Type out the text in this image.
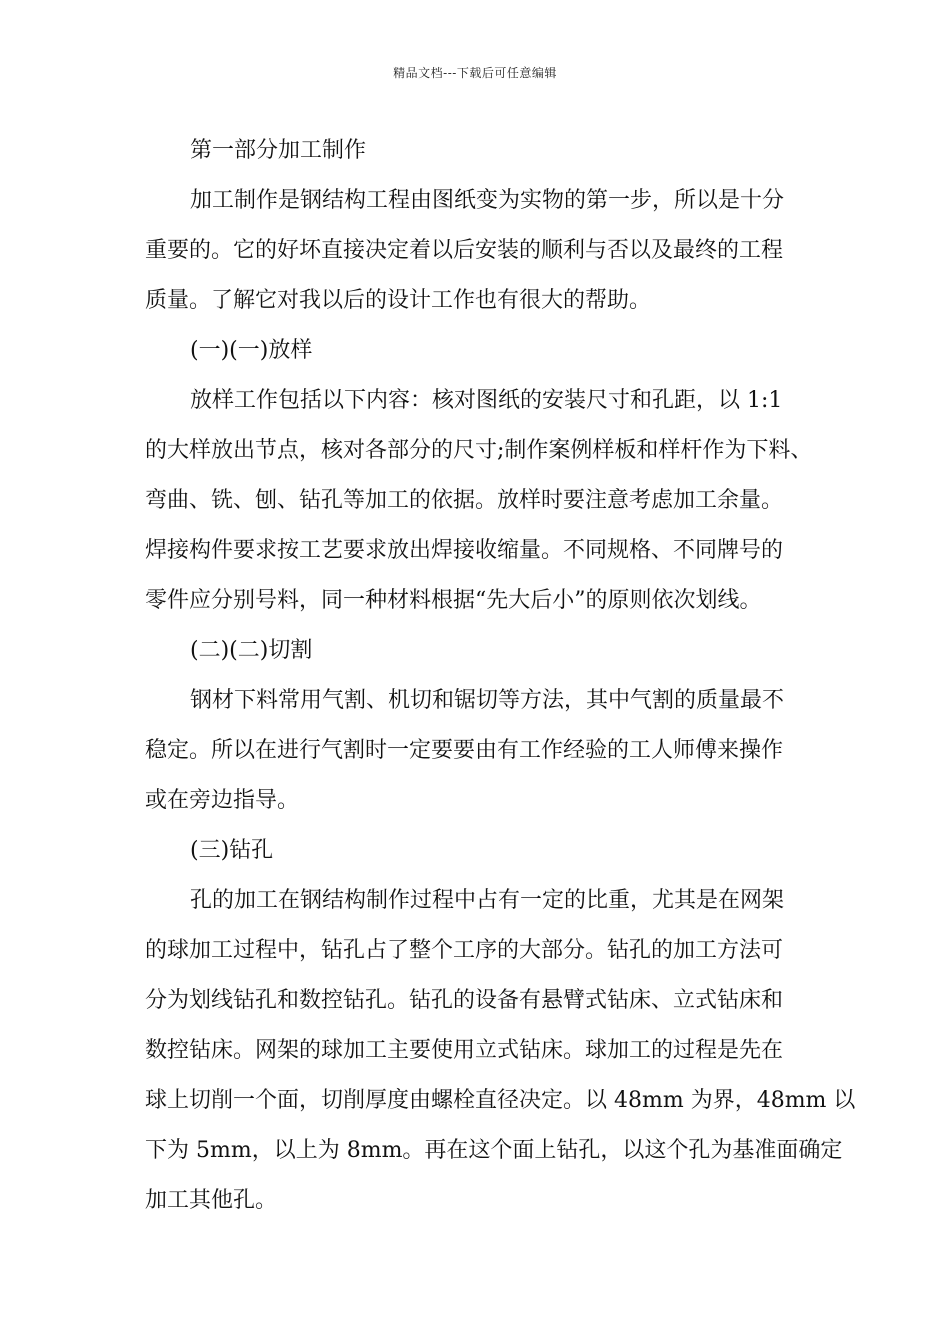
精品文档---下载后可任意编辑
第一部分加工制作
加工制作是钢结构工程由图纸变为实物的第一步，所以是十分
重要的。它的好坏直接决定着以后安装的顺利与否以及最终的工程
质量。了解它对我以后的设计工作也有很大的帮助。
(一)(一)放样
放样工作包括以下内容：核对图纸的安装尺寸和孔距，以 1:1
的大样放出节点，核对各部分的尺寸;制作案例样板和样杆作为下料、
弯曲、铣、刨、钻孔等加工的依据。放样时要注意考虑加工余量。
焊接构件要求按工艺要求放出焊接收缩量。不同规格、不同牌号的
零件应分别号料，同一种材料根据“先大后小”的原则依次划线。
(二)(二)切割
钢材下料常用气割、机切和锯切等方法，其中气割的质量最不
稳定。所以在进行气割时一定要要由有工作经验的工人师傅来操作
或在旁边指导。
(三)钻孔
孔的加工在钢结构制作过程中占有一定的比重，尤其是在网架
的球加工过程中，钻孔占了整个工序的大部分。钻孔的加工方法可
分为划线钻孔和数控钻孔。钻孔的设备有悬臂式钻床、立式钻床和
数控钻床。网架的球加工主要使用立式钻床。球加工的过程是先在
球上切削一个面，切削厚度由螺栓直径决定。以 48mm 为界，48mm 以
下为 5mm，以上为 8mm。再在这个面上钻孔，以这个孔为基准面确定
加工其他孔。
